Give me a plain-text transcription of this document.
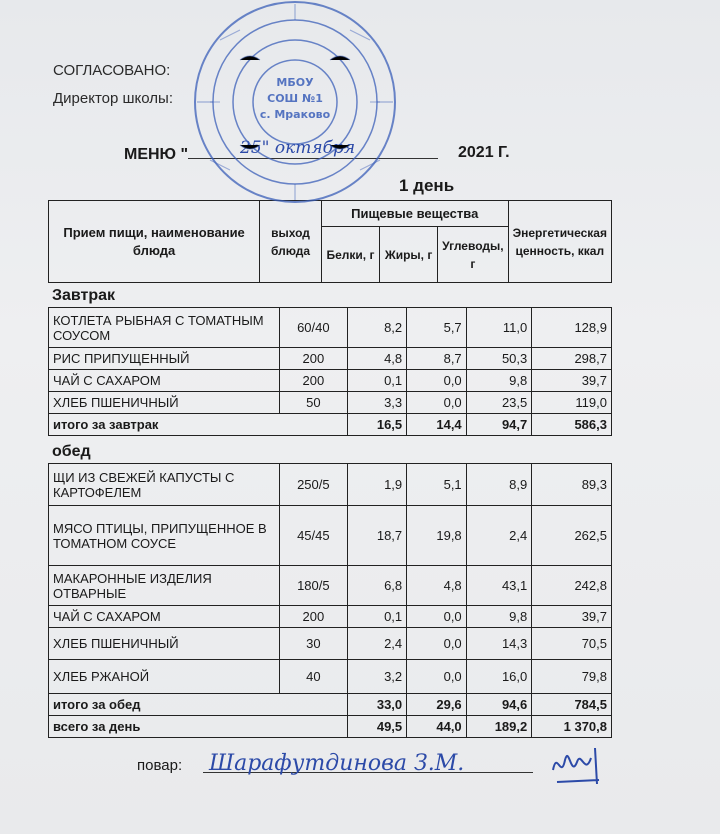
СОГЛАСОВАНО:
Директор школы:
МЕНЮ "	25" октября	2021 Г.
1 день
Прием пищи, наименование блюда	выход блюда	Пищевые вещества			Энергетическая ценность, ккал
		Белки, г	Жиры, г	Углеводы, г	
Завтрак
КОТЛЕТА РЫБНАЯ С ТОМАТНЫМ СОУСОМ	60/40	8,2	5,7	11,0	128,9
РИС ПРИПУЩЕННЫЙ	200	4,8	8,7	50,3	298,7
ЧАЙ С САХАРОМ	200	0,1	0,0	9,8	39,7
ХЛЕБ ПШЕНИЧНЫЙ	50	3,3	0,0	23,5	119,0
итого за завтрак		16,5	14,4	94,7	586,3
обед
ЩИ ИЗ СВЕЖЕЙ КАПУСТЫ С КАРТОФЕЛЕМ	250/5	1,9	5,1	8,9	89,3
МЯСО ПТИЦЫ, ПРИПУЩЕННОЕ В ТОМАТНОМ СОУСЕ	45/45	18,7	19,8	2,4	262,5
МАКАРОННЫЕ ИЗДЕЛИЯ ОТВАРНЫЕ	180/5	6,8	4,8	43,1	242,8
ЧАЙ С САХАРОМ	200	0,1	0,0	9,8	39,7
ХЛЕБ ПШЕНИЧНЫЙ	30	2,4	0,0	14,3	70,5
ХЛЕБ РЖАНОЙ	40	3,2	0,0	16,0	79,8
итого за обед		33,0	29,6	94,6	784,5
всего за день		49,5	44,0	189,2	1 370,8
повар: Шарафутдинова З.М.
МБОУ
СОШ №1
с. Мраково
